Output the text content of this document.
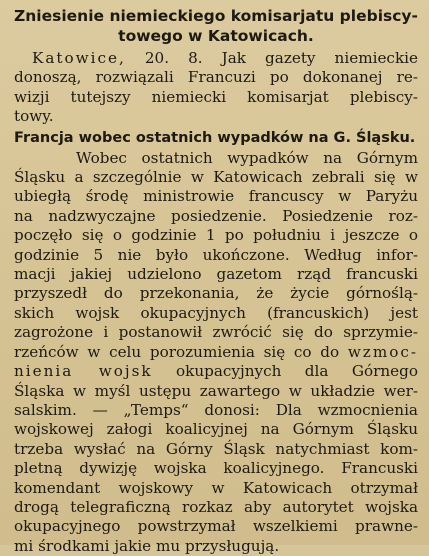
Zniesienie niemieckiego komisarjatu plebiscy-
towego w Katowicach.
Katowice, 20. 8. Jak gazety niemieckie
donoszą, rozwiązali Francuzi po dokonanej re-
wizji tutejszy niemiecki komisarjat plebiscy-
towy.
Francja wobec ostatnich wypadków na G. Śląsku.
Wobec ostatnich wypadków na Górnym
Śląsku a szczególnie w Katowicach zebrali się w
ubiegłą środę ministrowie francuscy w Paryżu
na nadzwyczajne posiedzenie. Posiedzenie roz-
poczęło się o godzinie 1 po południu i jeszcze o
godzinie 5 nie było ukończone. Według infor-
macji jakiej udzielono gazetom rząd francuski
przyszedł do przekonania, że życie górnoślą-
skich wojsk okupacyjnych (francuskich) jest
zagrożone i postanowił zwrócić się do sprzymie-
rzeńców w celu porozumienia się co do wzmoc-
nienia wojsk okupacyjnych dla Górnego
Śląska w myśl ustępu zawartego w układzie wer-
salskim. — „Temps“ donosi: Dla wzmocnienia
wojskowej załogi koalicyjnej na Górnym Śląsku
trzeba wysłać na Górny Śląsk natychmiast kom-
pletną dywizję wojska koalicyjnego. Francuski
komendant wojskowy w Katowicach otrzymał
drogą telegraficzną rozkaz aby autorytet wojska
okupacyjnego powstrzymał wszelkiemi prawne-
mi środkami jakie mu przysługują.
